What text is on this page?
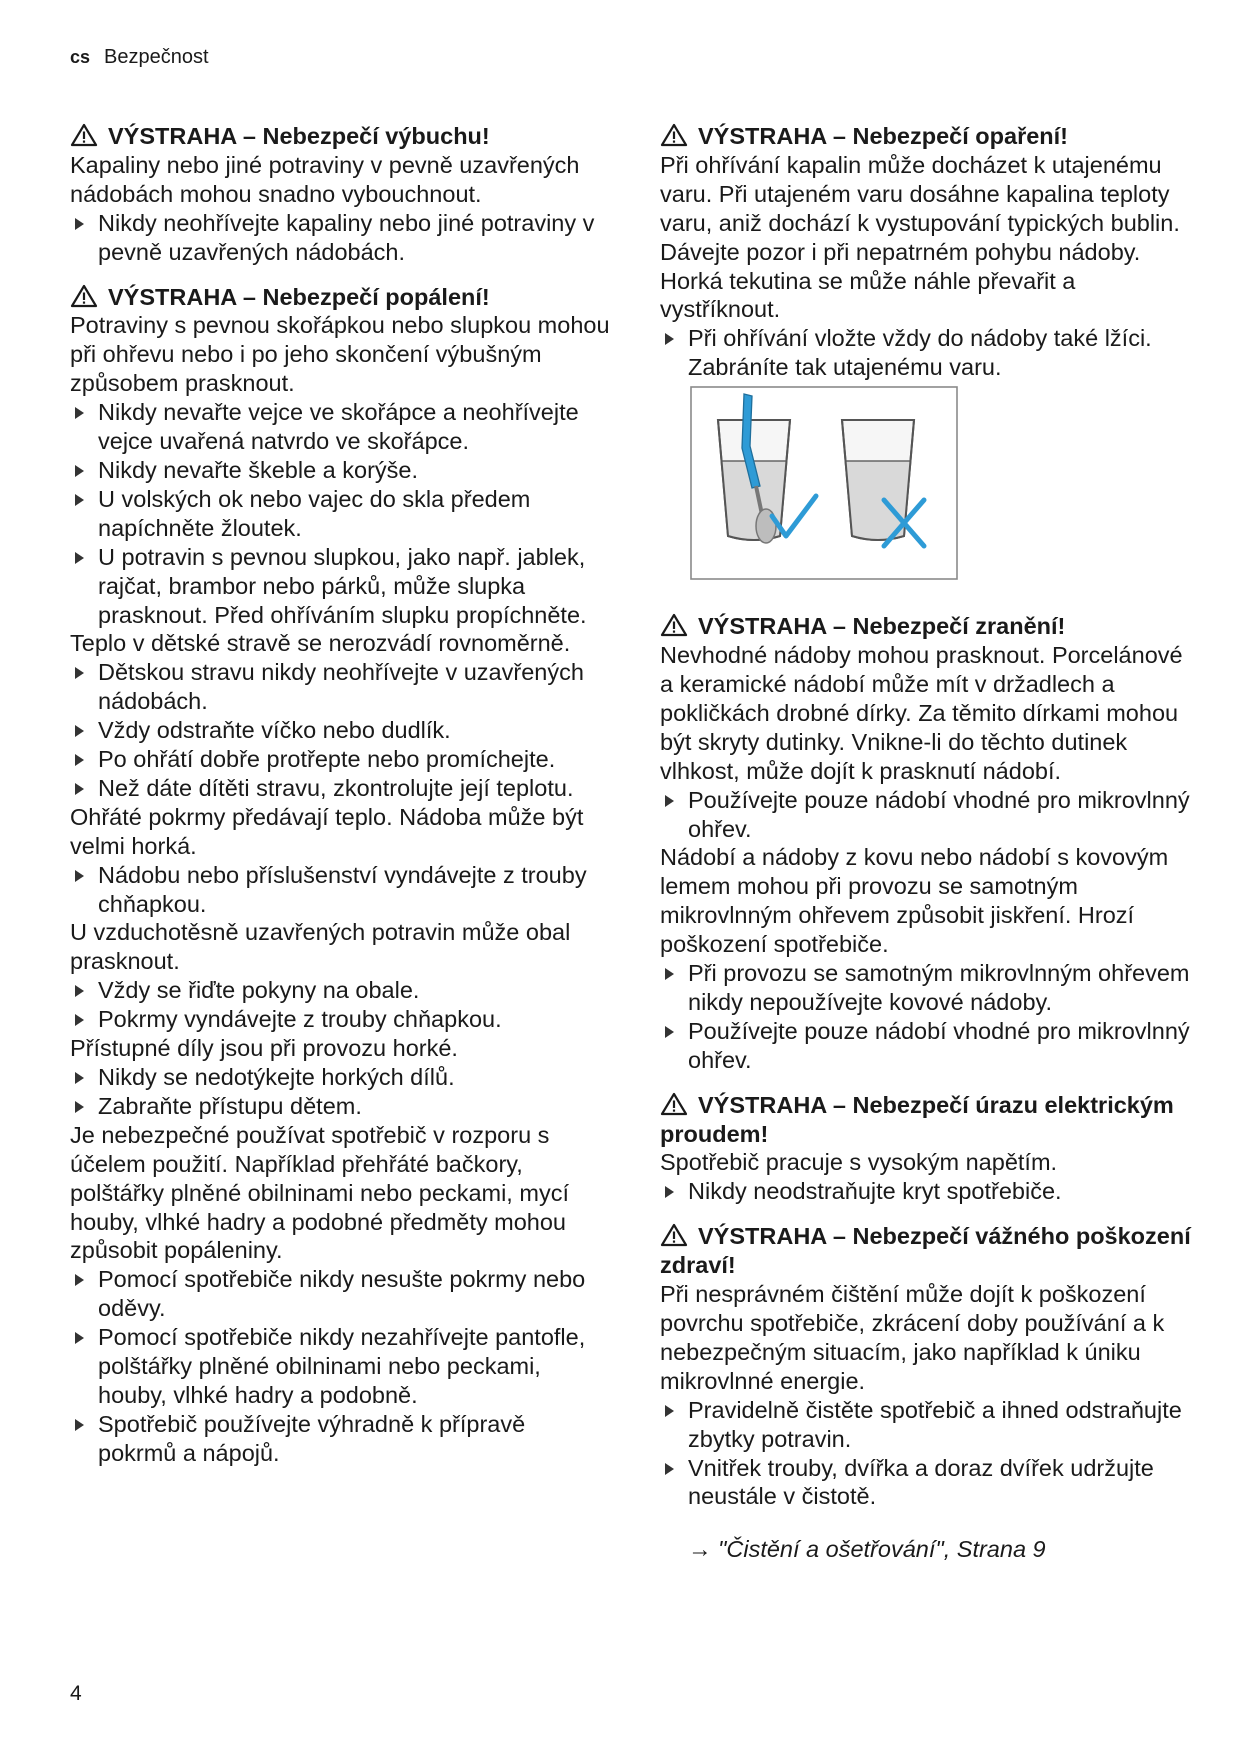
cs Bezpečnost

VÝSTRAHA – Nebezpečí výbuchu!

Kapaliny nebo jiné potraviny v pevně uzavřených nádobách mohou snadno vybouchnout.

Nikdy neohřívejte kapaliny nebo jiné potraviny v pevně uzavřených nádobách.

VÝSTRAHA – Nebezpečí popálení!

Potraviny s pevnou skořápkou nebo slupkou mohou při ohřevu nebo i po jeho skončení výbušným způsobem prasknout.

Nikdy nevařte vejce ve skořápce a neohřívejte vejce uvařená natvrdo ve skořápce.
Nikdy nevařte škeble a korýše.
U volských ok nebo vajec do skla předem napíchněte žloutek.
U potravin s pevnou slupkou, jako např. jablek, rajčat, brambor nebo párků, může slupka prasknout. Před ohříváním slupku propíchněte.

Teplo v dětské stravě se nerozvádí rovnoměrně.

Dětskou stravu nikdy neohřívejte v uzavřených nádobách.
Vždy odstraňte víčko nebo dudlík.
Po ohřátí dobře protřepte nebo promíchejte.
Než dáte dítěti stravu, zkontrolujte její teplotu.

Ohřáté pokrmy předávají teplo. Nádoba může být velmi horká.

Nádobu nebo příslušenství vyndávejte z trouby chňapkou.

U vzduchotěsně uzavřených potravin může obal prasknout.

Vždy se řiďte pokyny na obale.
Pokrmy vyndávejte z trouby chňapkou.

Přístupné díly jsou při provozu horké.

Nikdy se nedotýkejte horkých dílů.
Zabraňte přístupu dětem.

Je nebezpečné používat spotřebič v rozporu s účelem použití. Například přehřáté bačkory, polštářky plněné obilninami nebo peckami, mycí houby, vlhké hadry a podobné předměty mohou způsobit popáleniny.

Pomocí spotřebiče nikdy nesušte pokrmy nebo oděvy.
Pomocí spotřebiče nikdy nezahřívejte pantofle, polštářky plněné obilninami nebo peckami, houby, vlhké hadry a podobně.
Spotřebič používejte výhradně k přípravě pokrmů a nápojů.

VÝSTRAHA – Nebezpečí opaření!

Při ohřívání kapalin může docházet k utajenému varu. Při utajeném varu dosáhne kapalina teploty varu, aniž dochází k vystupování typických bublin. Dávejte pozor i při nepatrném pohybu nádoby. Horká tekutina se může náhle převařit a vystříknout.

Při ohřívání vložte vždy do nádoby také lžíci. Zabráníte tak utajenému varu.

VÝSTRAHA – Nebezpečí zranění!

Nevhodné nádoby mohou prasknout. Porcelánové a keramické nádobí může mít v držadlech a pokličkách drobné dírky. Za těmito dírkami mohou být skryty dutinky. Vnikne-li do těchto dutinek vlhkost, může dojít k prasknutí nádobí.

Používejte pouze nádobí vhodné pro mikrovlnný ohřev.

Nádobí a nádoby z kovu nebo nádobí s kovovým lemem mohou při provozu se samotným mikrovlnným ohřevem způsobit jiskření. Hrozí poškození spotřebiče.

Při provozu se samotným mikrovlnným ohřevem nikdy nepoužívejte kovové nádoby.
Používejte pouze nádobí vhodné pro mikrovlnný ohřev.

VÝSTRAHA – Nebezpečí úrazu elektrickým proudem!

Spotřebič pracuje s vysokým napětím.

Nikdy neodstraňujte kryt spotřebiče.

VÝSTRAHA – Nebezpečí vážného poškození zdraví!

Při nesprávném čištění může dojít k poškození povrchu spotřebiče, zkrácení doby používání a k nebezpečným situacím, jako například k úniku mikrovlnné energie.

Pravidelně čistěte spotřebič a ihned odstraňujte zbytky potravin.
Vnitřek trouby, dvířka a doraz dvířek udržujte neustále v čistotě.

→ "Čistění a ošetřování", Strana 9

4
